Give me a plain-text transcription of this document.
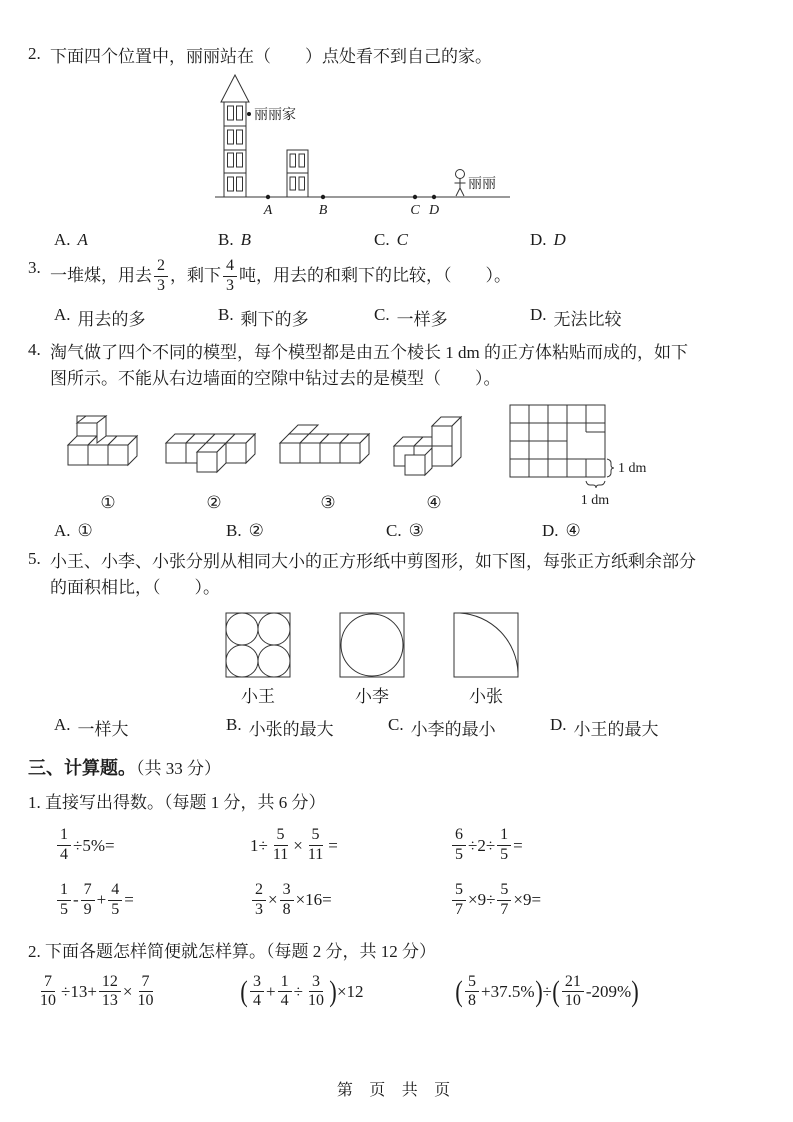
2. 下面四个位置中，丽丽站在（　　）点处看不到自己的家。
丽丽家
A	B	C D
丽丽
A. A	B. B	C. C	D. D
3. 一堆煤，用去 $\frac{2}{3}$ ，剩下 $\frac{4}{3}$ 吨，用去的和剩下的比较，（　　）。
A. 用去的多	B. 剩下的多	C. 一样多	D. 无法比较
4. 淘气做了四个不同的模型，每个模型都是由五个棱长 1 dm 的正方体粘贴而成的，如下
图所示。不能从右边墙面的空隙中钻过去的是模型（　　）。
①	②	③	④
1 dm
1 dm
A. ①	B. ②	C. ③	D. ④
5. 小王、小李、小张分别从相同大小的正方形纸中剪图形，如下图，每张正方纸剩余部分
的面积相比，（　　）。
小王	小李	小张
A. 一样大	B. 小张的最大	C. 小李的最小	D. 小王的最大
三、计算题。（共 33 分）
1. 直接写出得数。（每题 1 分，共 6 分）
$\frac{1}{4} \div 5\%=$	$1\div \frac{5}{11} \times \frac{5}{11}$ =	$\frac{6}{5} \div 2\div \frac{1}{5}$ =
$\frac{1}{5} - \frac{7}{9} + \frac{4}{5}$ =	$\frac{2}{3} \times \frac{3}{8} \times 16=$	$\frac{5}{7} \times 9\div \frac{5}{7} \times 9=$
2. 下面各题怎样简便就怎样算。（每题 2 分，共 12 分）
$\frac{7}{10} \div 13+ \frac{12}{13} \times \frac{7}{10}$	( $\frac{3}{4} + \frac{1}{4} \div \frac{3}{10}$ ) ×12	( $\frac{5}{8} +37.5\%$ ) ÷ ( $\frac{21}{10} -209\%$ )
第 页 共 页
